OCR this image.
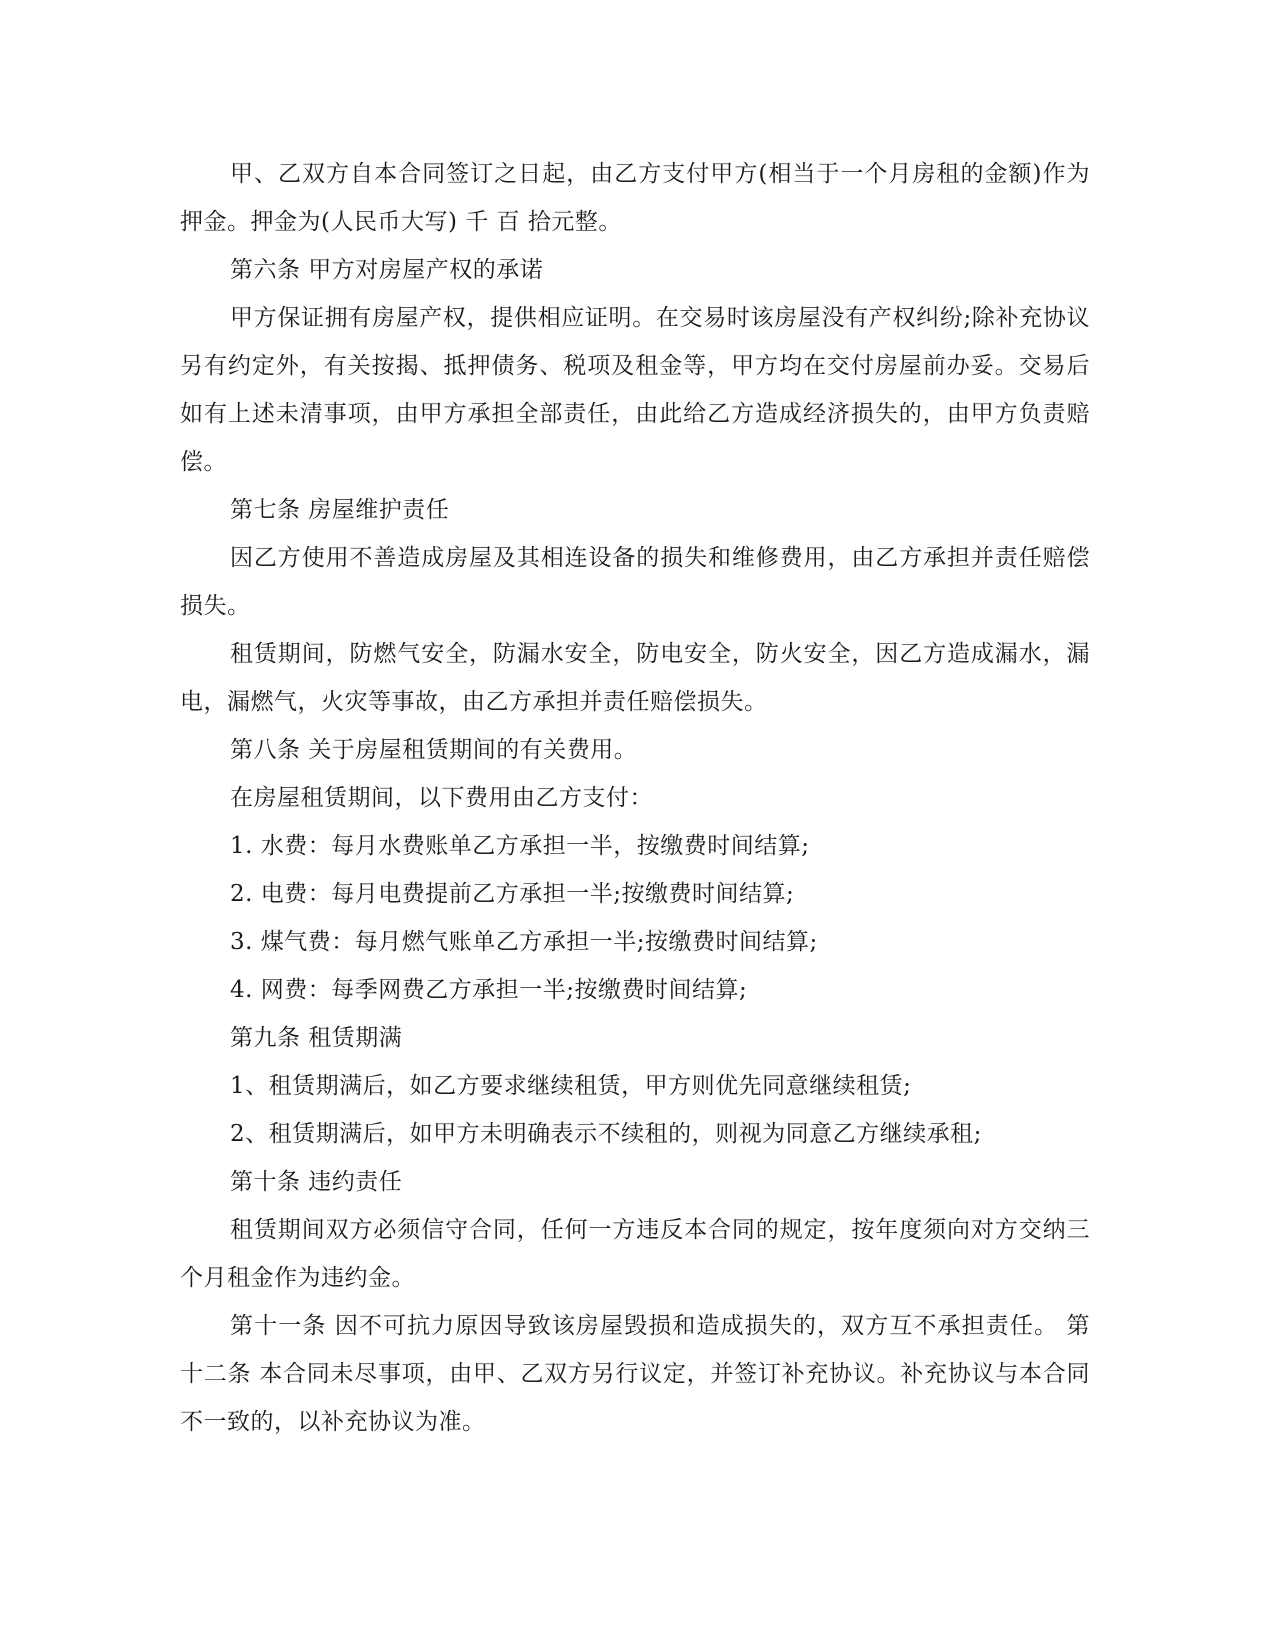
甲、乙双方自本合同签订之日起，由乙方支付甲方(相当于一个月房租的金额)作为押金。押金为(人民币大写) 千 百 拾元整。

第六条 甲方对房屋产权的承诺

甲方保证拥有房屋产权，提供相应证明。在交易时该房屋没有产权纠纷;除补充协议另有约定外，有关按揭、抵押债务、税项及租金等，甲方均在交付房屋前办妥。交易后如有上述未清事项，由甲方承担全部责任，由此给乙方造成经济损失的，由甲方负责赔偿。

第七条 房屋维护责任

因乙方使用不善造成房屋及其相连设备的损失和维修费用，由乙方承担并责任赔偿损失。

租赁期间，防燃气安全，防漏水安全，防电安全，防火安全，因乙方造成漏水，漏电，漏燃气，火灾等事故，由乙方承担并责任赔偿损失。

第八条 关于房屋租赁期间的有关费用。

在房屋租赁期间，以下费用由乙方支付：

1. 水费：每月水费账单乙方承担一半，按缴费时间结算;

2. 电费：每月电费提前乙方承担一半;按缴费时间结算;

3. 煤气费：每月燃气账单乙方承担一半;按缴费时间结算;

4. 网费：每季网费乙方承担一半;按缴费时间结算;

第九条 租赁期满

1、租赁期满后，如乙方要求继续租赁，甲方则优先同意继续租赁;

2、租赁期满后，如甲方未明确表示不续租的，则视为同意乙方继续承租;

第十条 违约责任

租赁期间双方必须信守合同，任何一方违反本合同的规定，按年度须向对方交纳三个月租金作为违约金。

第十一条 因不可抗力原因导致该房屋毁损和造成损失的，双方互不承担责任。 第十二条 本合同未尽事项，由甲、乙双方另行议定，并签订补充协议。补充协议与本合同不一致的，以补充协议为准。
